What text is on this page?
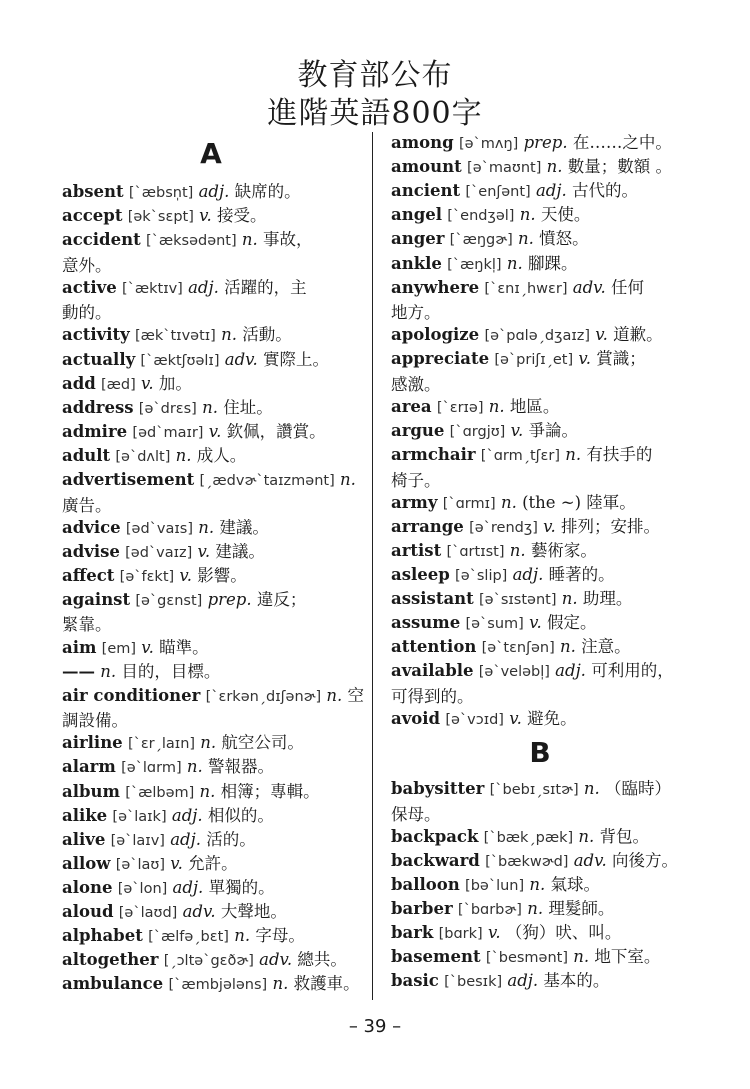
教育部公布
進階英語800字
A
absent [`æbsn̩t] adj. 缺席的。
accept [ək`sɛpt] v. 接受。
accident [`æksədənt] n. 事故，
意外。
active [`æktɪv] adj. 活躍的，主
動的。
activity [æk`tɪvətɪ] n. 活動。
actually [`æktʃʊəlɪ] adv. 實際上。
add [æd] v. 加。
address [ə`drɛs] n. 住址。
admire [əd`maɪr] v. 欽佩，讚賞。
adult [ə`dʌlt] n. 成人。
advertisement [ˏædvɚ`taɪzmənt] n.
廣告。
advice [əd`vaɪs] n. 建議。
advise [əd`vaɪz] v. 建議。
affect [ə`fɛkt] v. 影響。
against [ə`gɛnst] prep. 違反；
緊靠。
aim [em] v. 瞄準。
—— n. 目的，目標。
air conditioner [`ɛrkənˏdɪʃənɚ] n. 空
調設備。
airline [`ɛrˏlaɪn] n. 航空公司。
alarm [ə`lɑrm] n. 警報器。
album [`ælbəm] n. 相簿；專輯。
alike [ə`laɪk] adj. 相似的。
alive [ə`laɪv] adj. 活的。
allow [ə`laʊ] v. 允許。
alone [ə`lon] adj. 單獨的。
aloud [ə`laʊd] adv. 大聲地。
alphabet [`ælfəˏbɛt] n. 字母。
altogether [ˏɔltə`gɛðɚ] adv. 總共。
ambulance [`æmbjələns] n. 救護車。
B
among [ə`mʌŋ] prep. 在……之中。
amount [ə`maʊnt] n. 數量；數額 。
ancient [`enʃənt] adj. 古代的。
angel [`endʒəl] n. 天使。
anger [`æŋgɚ] n. 憤怒。
ankle [`æŋkl̩] n. 腳踝。
anywhere [`ɛnɪˏhwɛr] adv. 任何
地方。
apologize [ə`pɑləˏdʒaɪz] v. 道歉。
appreciate [ə`priʃɪˏet] v. 賞識；
感激。
area [`ɛrɪə] n. 地區。
argue [`ɑrgjʊ] v. 爭論。
armchair [`ɑrmˏtʃɛr] n. 有扶手的
椅子。
army [`ɑrmɪ] n. (the ~) 陸軍。
arrange [ə`rendʒ] v. 排列；安排。
artist [`ɑrtɪst] n. 藝術家。
asleep [ə`slip] adj. 睡著的。
assistant [ə`sɪstənt] n. 助理。
assume [ə`sum] v. 假定。
attention [ə`tɛnʃən] n. 注意。
available [ə`veləbl̩] adj. 可利用的，
可得到的。
avoid [ə`vɔɪd] v. 避免。
babysitter [`bebɪˏsɪtɚ] n. （臨時）
保母。
backpack [`bækˏpæk] n. 背包。
backward [`bækwɚd] adv. 向後方。
balloon [bə`lun] n. 氣球。
barber [`bɑrbɚ] n. 理髮師。
bark [bɑrk] v. （狗）吠、叫。
basement [`besmənt] n. 地下室。
basic [`besɪk] adj. 基本的。
– 39 –
